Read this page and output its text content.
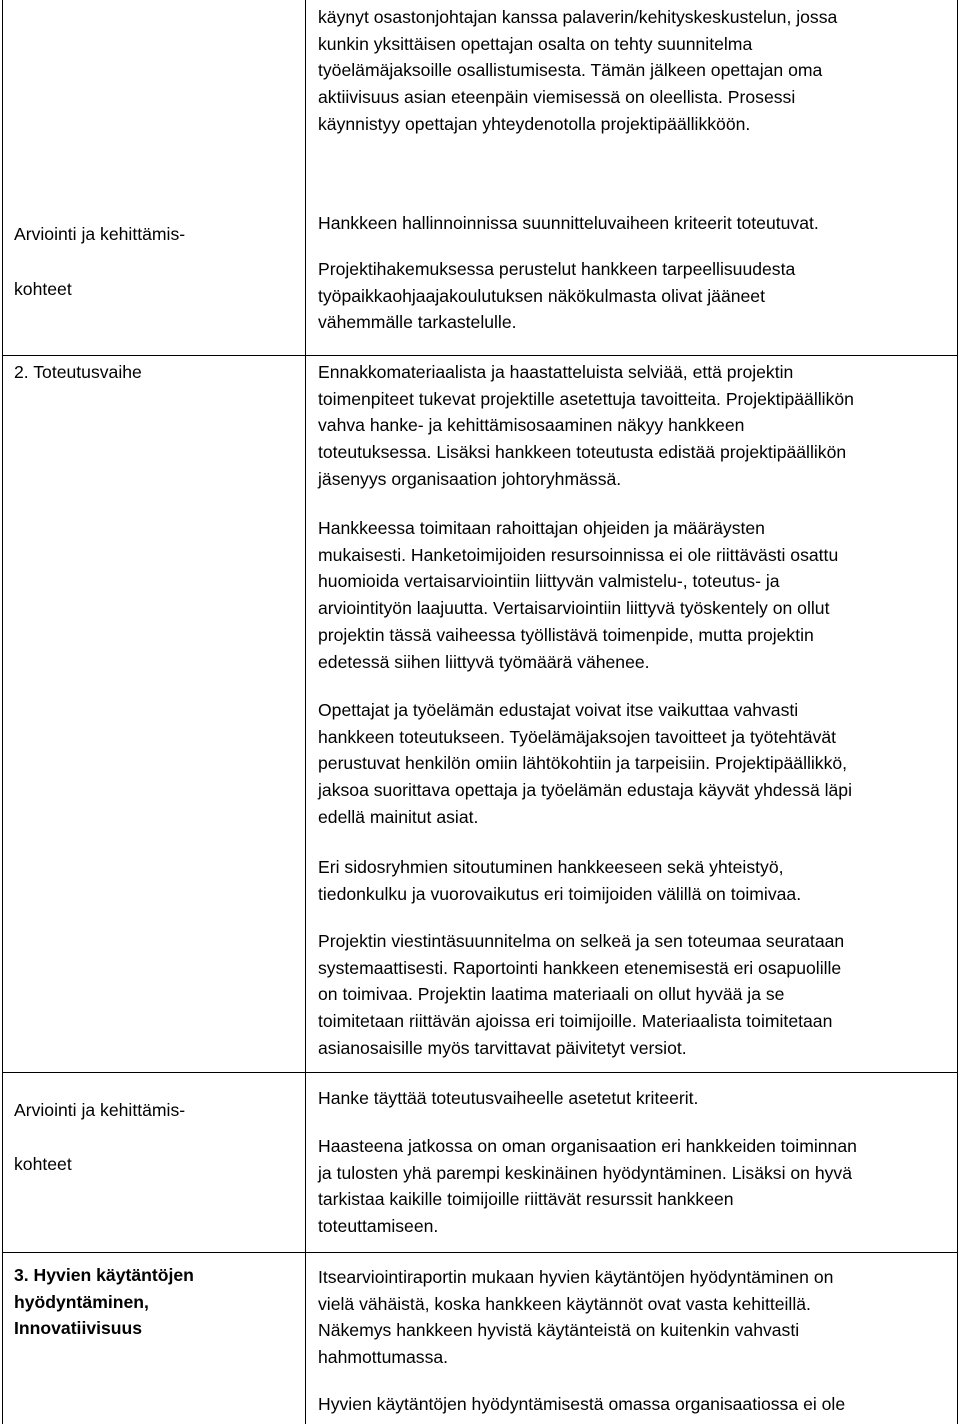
käynyt osastonjohtajan kanssa palaverin/kehityskeskustelun, jossa
kunkin yksittäisen opettajan osalta on tehty suunnitelma
työelämäjaksoille osallistumisesta. Tämän jälkeen opettajan oma
aktiivisuus asian eteenpäin viemisessä on oleellista. Prosessi
käynnistyy opettajan yhteydenotolla projektipäällikköön.
Arviointi ja kehittämis-
kohteet
Hankkeen hallinnoinnissa suunnitteluvaiheen kriteerit toteutuvat.
Projektihakemuksessa perustelut hankkeen tarpeellisuudesta
työpaikkaohjaajakoulutuksen näkökulmasta olivat jääneet
vähemmälle tarkastelulle.
2. Toteutusvaihe	Ennakkomateriaalista ja haastatteluista selviää, että projektin
toimenpiteet tukevat projektille asetettuja tavoitteita. Projektipäällikön
vahva hanke- ja kehittämisosaaminen näkyy hankkeen
toteutuksessa. Lisäksi hankkeen toteutusta edistää projektipäällikön
jäsenyys organisaation johtoryhmässä.
Hankkeessa toimitaan rahoittajan ohjeiden ja määräysten
mukaisesti. Hanketoimijoiden resursoinnissa ei ole riittävästi osattu
huomioida vertaisarviointiin liittyvän valmistelu-, toteutus- ja
arviointityön laajuutta. Vertaisarviointiin liittyvä työskentely on ollut
projektin tässä vaiheessa työllistävä toimenpide, mutta projektin
edetessä siihen liittyvä työmäärä vähenee.
Opettajat ja työelämän edustajat voivat itse vaikuttaa vahvasti
hankkeen toteutukseen. Työelämäjaksojen tavoitteet ja työtehtävät
perustuvat henkilön omiin lähtökohtiin ja tarpeisiin. Projektipäällikkö,
jaksoa suorittava opettaja ja työelämän edustaja käyvät yhdessä läpi
edellä mainitut asiat.
Eri sidosryhmien sitoutuminen hankkeeseen sekä yhteistyö,
tiedonkulku ja vuorovaikutus eri toimijoiden välillä on toimivaa.
Projektin viestintäsuunnitelma on selkeä ja sen toteumaa seurataan
systemaattisesti. Raportointi hankkeen etenemisestä eri osapuolille
on toimivaa. Projektin laatima materiaali on ollut hyvää ja se
toimitetaan riittävän ajoissa eri toimijoille. Materiaalista toimitetaan
asianosaisille myös tarvittavat päivitetyt versiot.
Arviointi ja kehittämis-
kohteet
Hanke täyttää toteutusvaiheelle asetetut kriteerit.
Haasteena jatkossa on oman organisaation eri hankkeiden toiminnan
ja tulosten yhä parempi keskinäinen hyödyntäminen. Lisäksi on hyvä
tarkistaa kaikille toimijoille riittävät resurssit hankkeen
toteuttamiseen.
3. Hyvien käytäntöjen
hyödyntäminen,
Innovatiivisuus
Itsearviointiraportin mukaan hyvien käytäntöjen hyödyntäminen on
vielä vähäistä, koska hankkeen käytännöt ovat vasta kehitteillä.
Näkemys hankkeen hyvistä käytänteistä on kuitenkin vahvasti
hahmottumassa.
Hyvien käytäntöjen hyödyntämisestä omassa organisaatiossa ei ole
